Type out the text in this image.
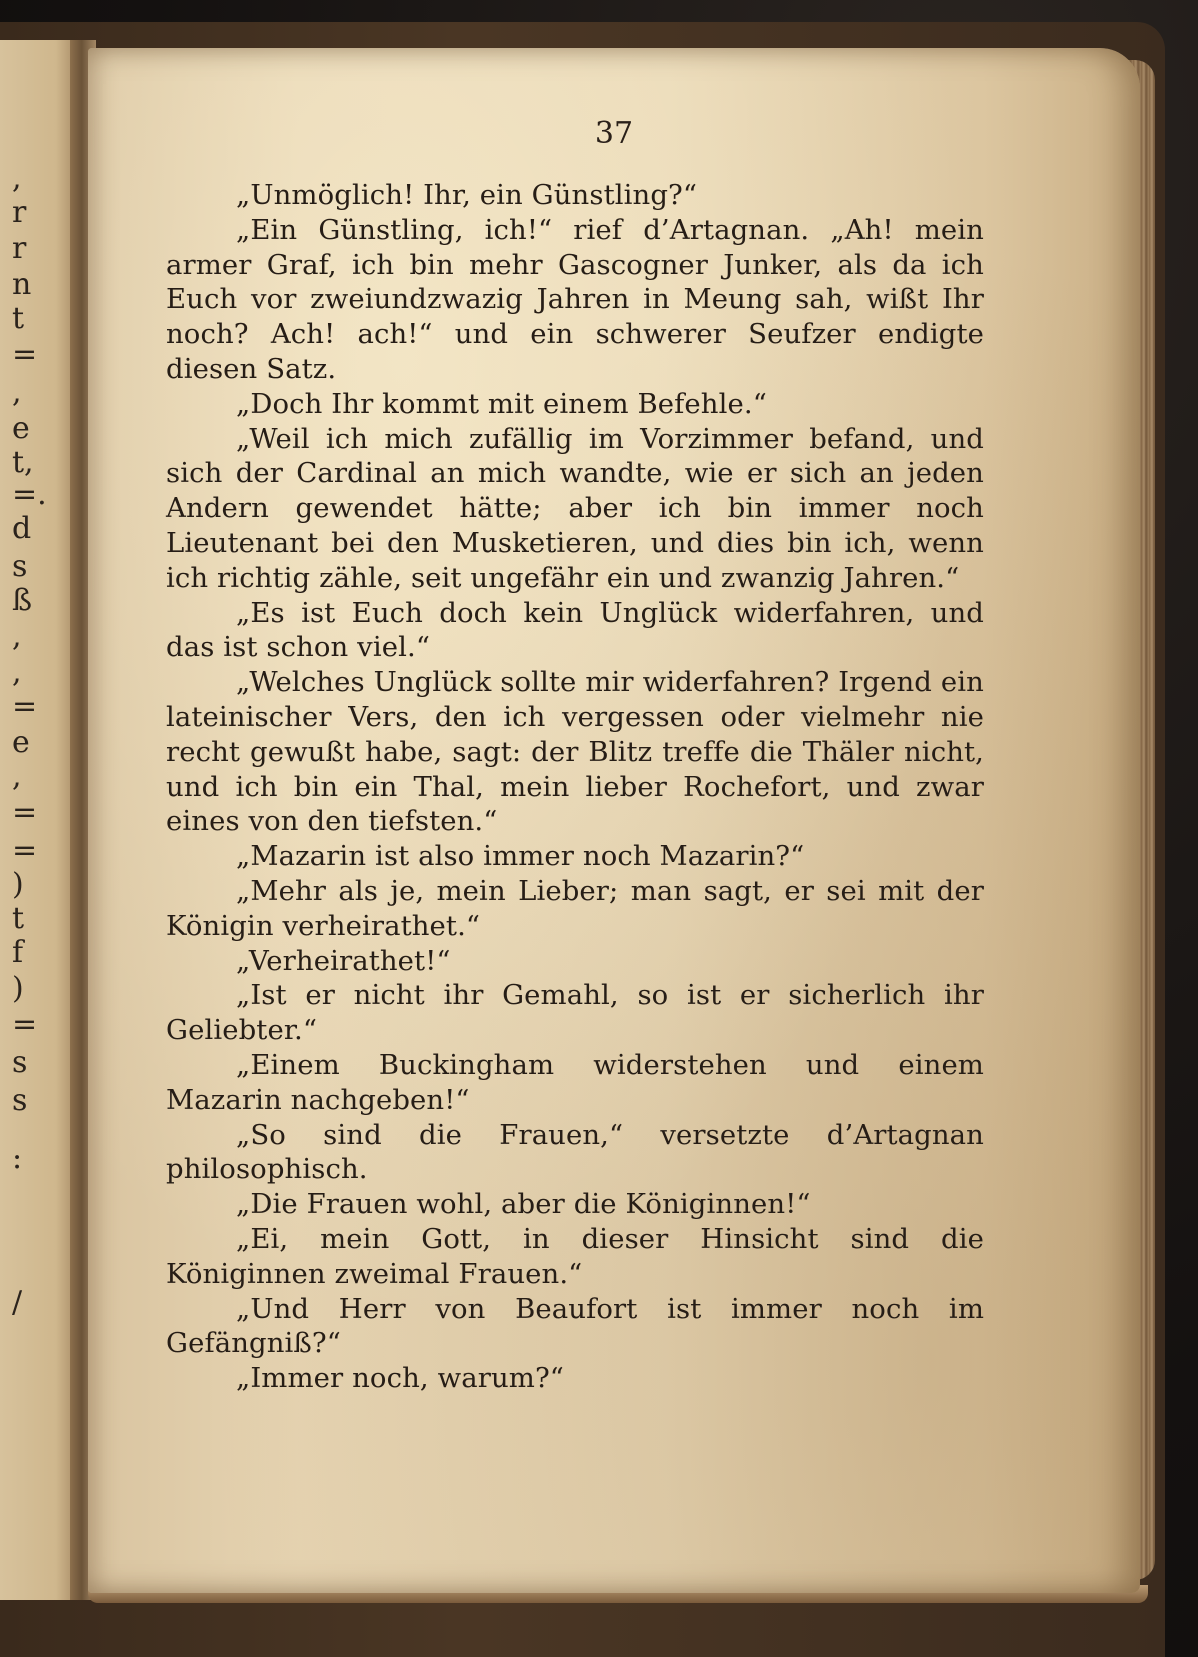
,
r
r
n
t
=
,
e
t,
=.
d
s
ß
,
,
=
e
,
=
=
)
t
f
)
=
s
s
:
/
37

„Unmöglich! Ihr, ein Günstling?“

„Ein Günstling, ich!“ rief d’Artagnan. „Ah! mein armer Graf, ich bin mehr Gascogner Junker, als da ich Euch vor zweiundzwazig Jahren in Meung sah, wißt Ihr noch? Ach! ach!“ und ein schwerer Seufzer endigte diesen Satz.

„Doch Ihr kommt mit einem Befehle.“

„Weil ich mich zufällig im Vorzimmer befand, und sich der Cardinal an mich wandte, wie er sich an jeden Andern gewendet hätte; aber ich bin immer noch Lieutenant bei den Musketieren, und dies bin ich, wenn ich richtig zähle, seit ungefähr ein und zwanzig Jahren.“

„Es ist Euch doch kein Unglück widerfahren, und das ist schon viel.“

„Welches Unglück sollte mir widerfahren? Irgend ein lateinischer Vers, den ich vergessen oder vielmehr nie recht gewußt habe, sagt: der Blitz treffe die Thäler nicht, und ich bin ein Thal, mein lieber Rochefort, und zwar eines von den tiefsten.“

„Mazarin ist also immer noch Mazarin?“

„Mehr als je, mein Lieber; man sagt, er sei mit der Königin verheirathet.“

„Verheirathet!“

„Ist er nicht ihr Gemahl, so ist er sicherlich ihr Geliebter.“

„Einem Buckingham widerstehen und einem Mazarin nachgeben!“

„So sind die Frauen,“ versetzte d’Artagnan philosophisch.

„Die Frauen wohl, aber die Königinnen!“

„Ei, mein Gott, in dieser Hinsicht sind die Königinnen zweimal Frauen.“

„Und Herr von Beaufort ist immer noch im Gefängniß?“

„Immer noch, warum?“
